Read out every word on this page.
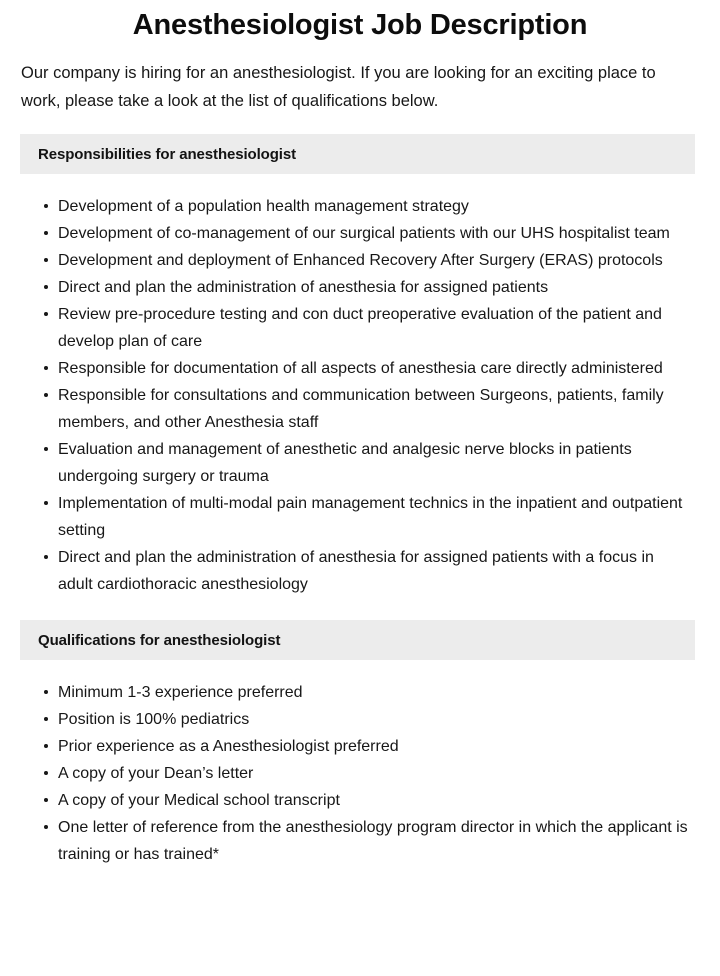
Anesthesiologist Job Description

Our company is hiring for an anesthesiologist. If you are looking for an exciting place to work, please take a look at the list of qualifications below.

Responsibilities for anesthesiologist
Development of a population health management strategy
Development of co-management of our surgical patients with our UHS hospitalist team
Development and deployment of Enhanced Recovery After Surgery (ERAS) protocols
Direct and plan the administration of anesthesia for assigned patients
Review pre-procedure testing and con duct preoperative evaluation of the patient and develop plan of care
Responsible for documentation of all aspects of anesthesia care directly administered
Responsible for consultations and communication between Surgeons, patients, family members, and other Anesthesia staff
Evaluation and management of anesthetic and analgesic nerve blocks in patients undergoing surgery or trauma
Implementation of multi-modal pain management technics in the inpatient and outpatient setting
Direct and plan the administration of anesthesia for assigned patients with a focus in adult cardiothoracic anesthesiology
Qualifications for anesthesiologist
Minimum 1-3 experience preferred
Position is 100% pediatrics
Prior experience as a Anesthesiologist preferred
A copy of your Dean’s letter
A copy of your Medical school transcript
One letter of reference from the anesthesiology program director in which the applicant is training or has trained*
